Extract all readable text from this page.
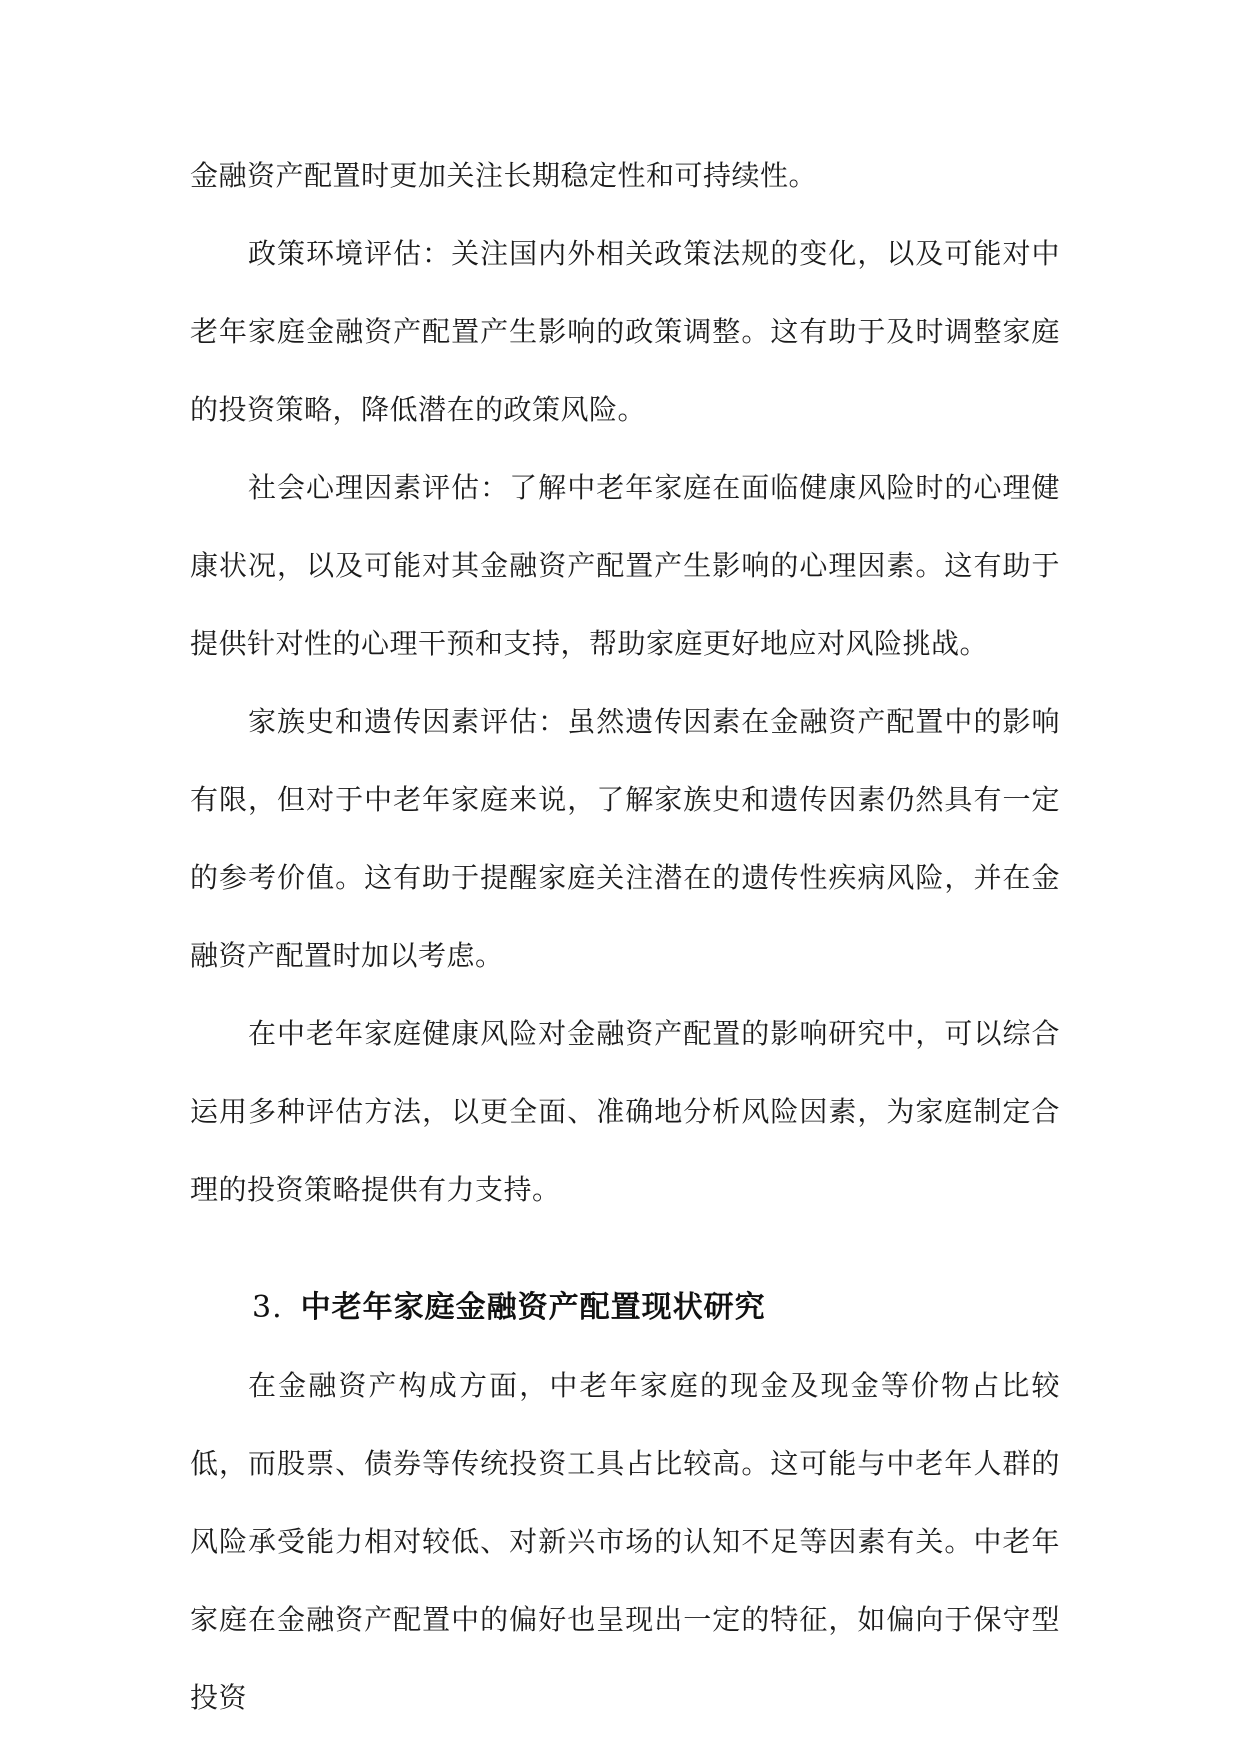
金融资产配置时更加关注长期稳定性和可持续性。

政策环境评估：关注国内外相关政策法规的变化，以及可能对中老年家庭金融资产配置产生影响的政策调整。这有助于及时调整家庭的投资策略，降低潜在的政策风险。

社会心理因素评估：了解中老年家庭在面临健康风险时的心理健康状况，以及可能对其金融资产配置产生影响的心理因素。这有助于提供针对性的心理干预和支持，帮助家庭更好地应对风险挑战。

家族史和遗传因素评估：虽然遗传因素在金融资产配置中的影响有限，但对于中老年家庭来说，了解家族史和遗传因素仍然具有一定的参考价值。这有助于提醒家庭关注潜在的遗传性疾病风险，并在金融资产配置时加以考虑。

在中老年家庭健康风险对金融资产配置的影响研究中，可以综合运用多种评估方法，以更全面、准确地分析风险因素，为家庭制定合理的投资策略提供有力支持。

3. 中老年家庭金融资产配置现状研究

在金融资产构成方面，中老年家庭的现金及现金等价物占比较低，而股票、债券等传统投资工具占比较高。这可能与中老年人群的风险承受能力相对较低、对新兴市场的认知不足等因素有关。中老年家庭在金融资产配置中的偏好也呈现出一定的特征，如偏向于保守型投资
